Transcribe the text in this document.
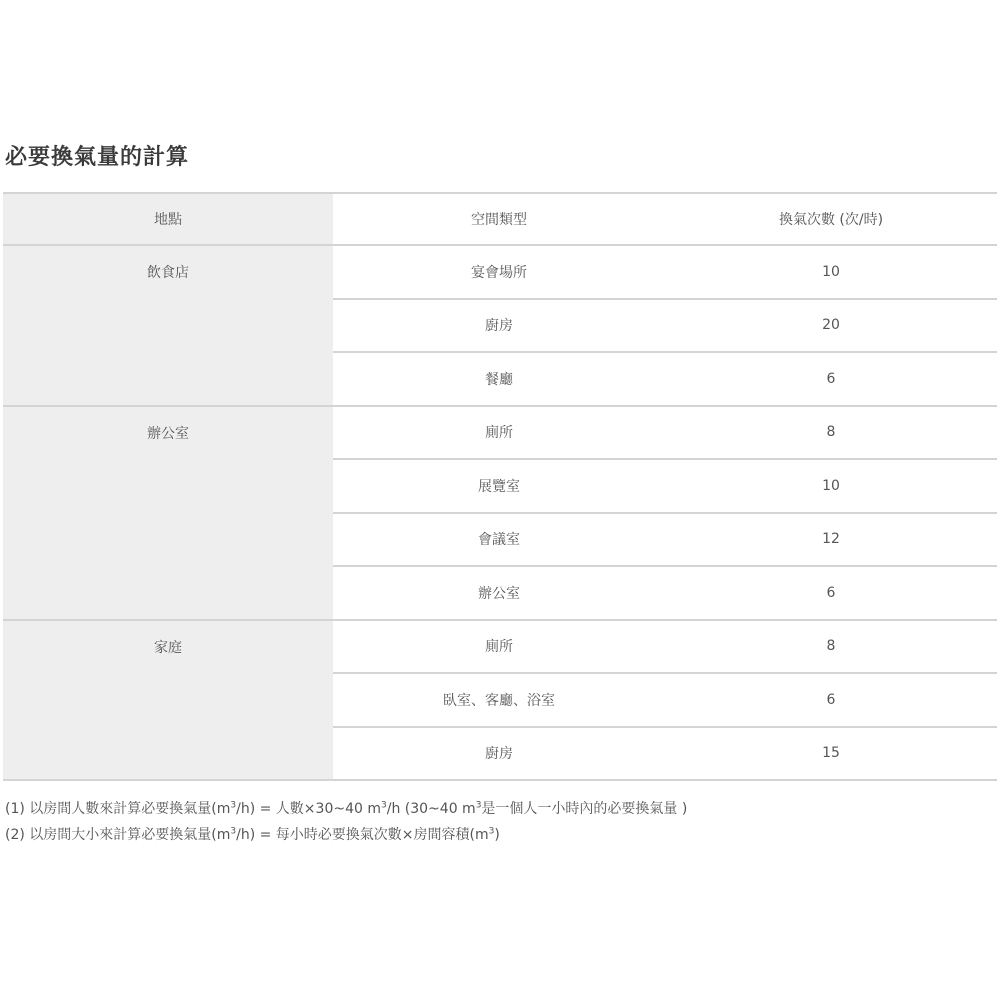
必要換氣量的計算
地點	空間類型	換氣次數 (次/時)
飲食店	宴會場所	10
	廚房	20
	餐廳	6
辦公室	廁所	8
	展覽室	10
	會議室	12
	辦公室	6
家庭	廁所	8
	臥室、客廳、浴室	6
	廚房	15
(1) 以房間人數來計算必要換氣量$(m^3/h)$ = 人數×30~40 $m^3/h$ (30~40 $m^3$是一個人一小時內的必要換氣量 )
(2) 以房間大小來計算必要換氣量$(m^3/h)$ = 每小時必要換氣次數×房間容積$(m^3)$
